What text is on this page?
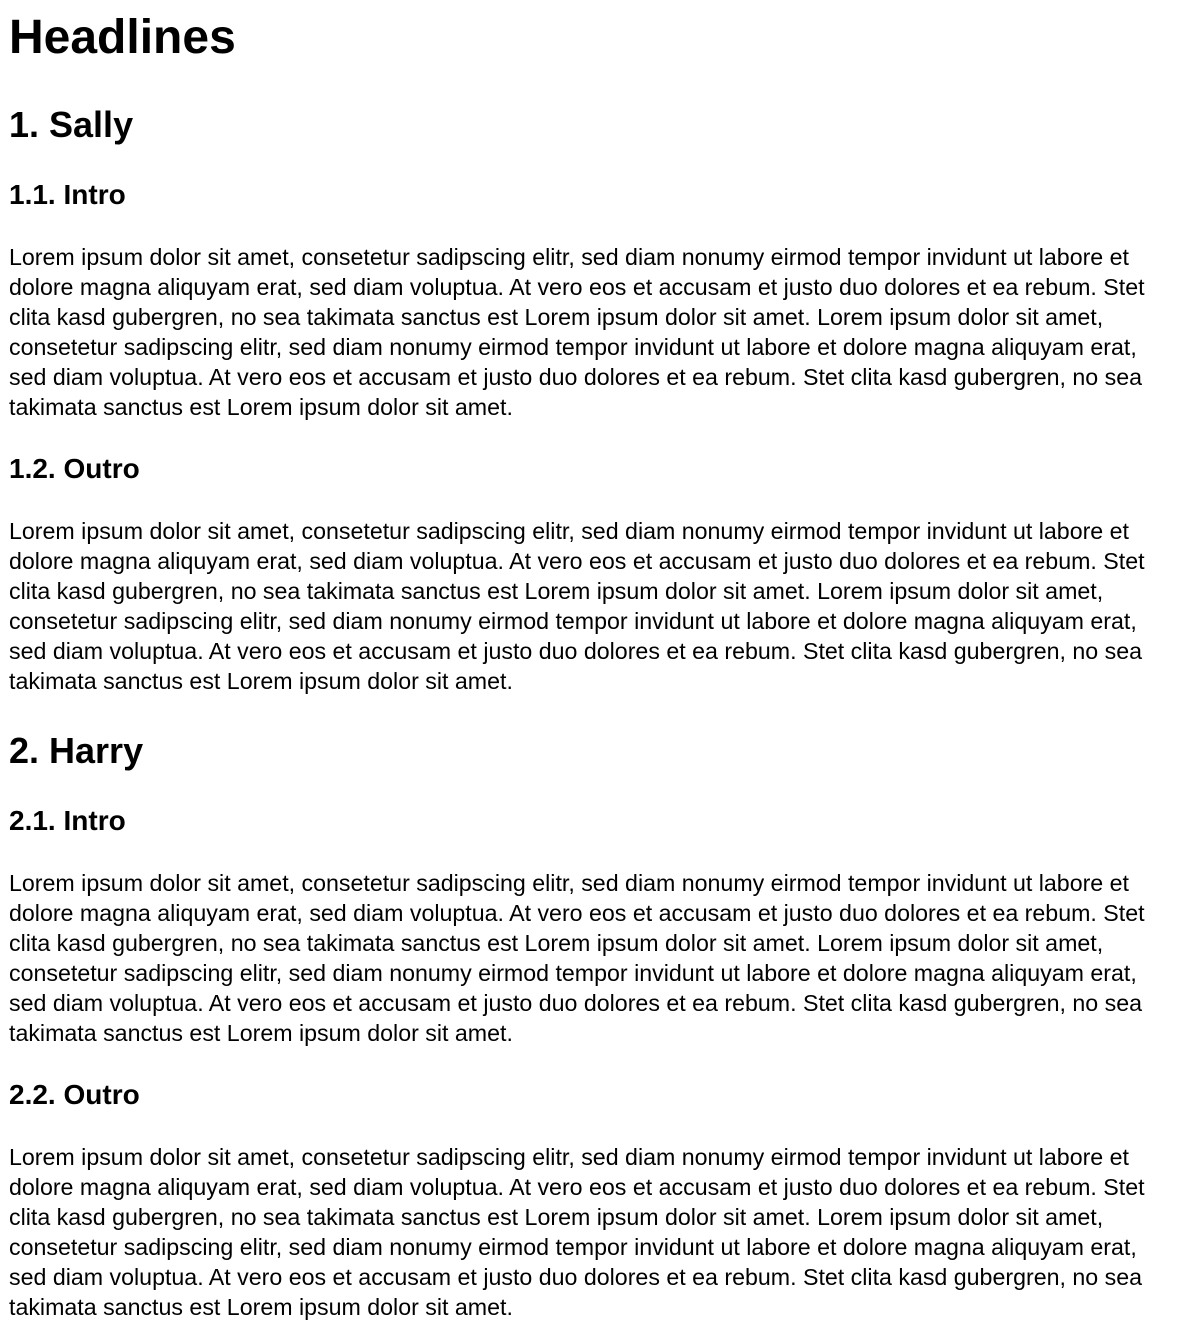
Headlines
1. Sally
1.1. Intro

Lorem ipsum dolor sit amet, consetetur sadipscing elitr, sed diam nonumy eirmod tempor invidunt ut labore et dolore magna aliquyam erat, sed diam voluptua. At vero eos et accusam et justo duo dolores et ea rebum. Stet clita kasd gubergren, no sea takimata sanctus est Lorem ipsum dolor sit amet. Lorem ipsum dolor sit amet, consetetur sadipscing elitr, sed diam nonumy eirmod tempor invidunt ut labore et dolore magna aliquyam erat, sed diam voluptua. At vero eos et accusam et justo duo dolores et ea rebum. Stet clita kasd gubergren, no sea takimata sanctus est Lorem ipsum dolor sit amet.

1.2. Outro

Lorem ipsum dolor sit amet, consetetur sadipscing elitr, sed diam nonumy eirmod tempor invidunt ut labore et dolore magna aliquyam erat, sed diam voluptua. At vero eos et accusam et justo duo dolores et ea rebum. Stet clita kasd gubergren, no sea takimata sanctus est Lorem ipsum dolor sit amet. Lorem ipsum dolor sit amet, consetetur sadipscing elitr, sed diam nonumy eirmod tempor invidunt ut labore et dolore magna aliquyam erat, sed diam voluptua. At vero eos et accusam et justo duo dolores et ea rebum. Stet clita kasd gubergren, no sea takimata sanctus est Lorem ipsum dolor sit amet.

2. Harry
2.1. Intro

Lorem ipsum dolor sit amet, consetetur sadipscing elitr, sed diam nonumy eirmod tempor invidunt ut labore et dolore magna aliquyam erat, sed diam voluptua. At vero eos et accusam et justo duo dolores et ea rebum. Stet clita kasd gubergren, no sea takimata sanctus est Lorem ipsum dolor sit amet. Lorem ipsum dolor sit amet, consetetur sadipscing elitr, sed diam nonumy eirmod tempor invidunt ut labore et dolore magna aliquyam erat, sed diam voluptua. At vero eos et accusam et justo duo dolores et ea rebum. Stet clita kasd gubergren, no sea takimata sanctus est Lorem ipsum dolor sit amet.

2.2. Outro

Lorem ipsum dolor sit amet, consetetur sadipscing elitr, sed diam nonumy eirmod tempor invidunt ut labore et dolore magna aliquyam erat, sed diam voluptua. At vero eos et accusam et justo duo dolores et ea rebum. Stet clita kasd gubergren, no sea takimata sanctus est Lorem ipsum dolor sit amet. Lorem ipsum dolor sit amet, consetetur sadipscing elitr, sed diam nonumy eirmod tempor invidunt ut labore et dolore magna aliquyam erat, sed diam voluptua. At vero eos et accusam et justo duo dolores et ea rebum. Stet clita kasd gubergren, no sea takimata sanctus est Lorem ipsum dolor sit amet.
